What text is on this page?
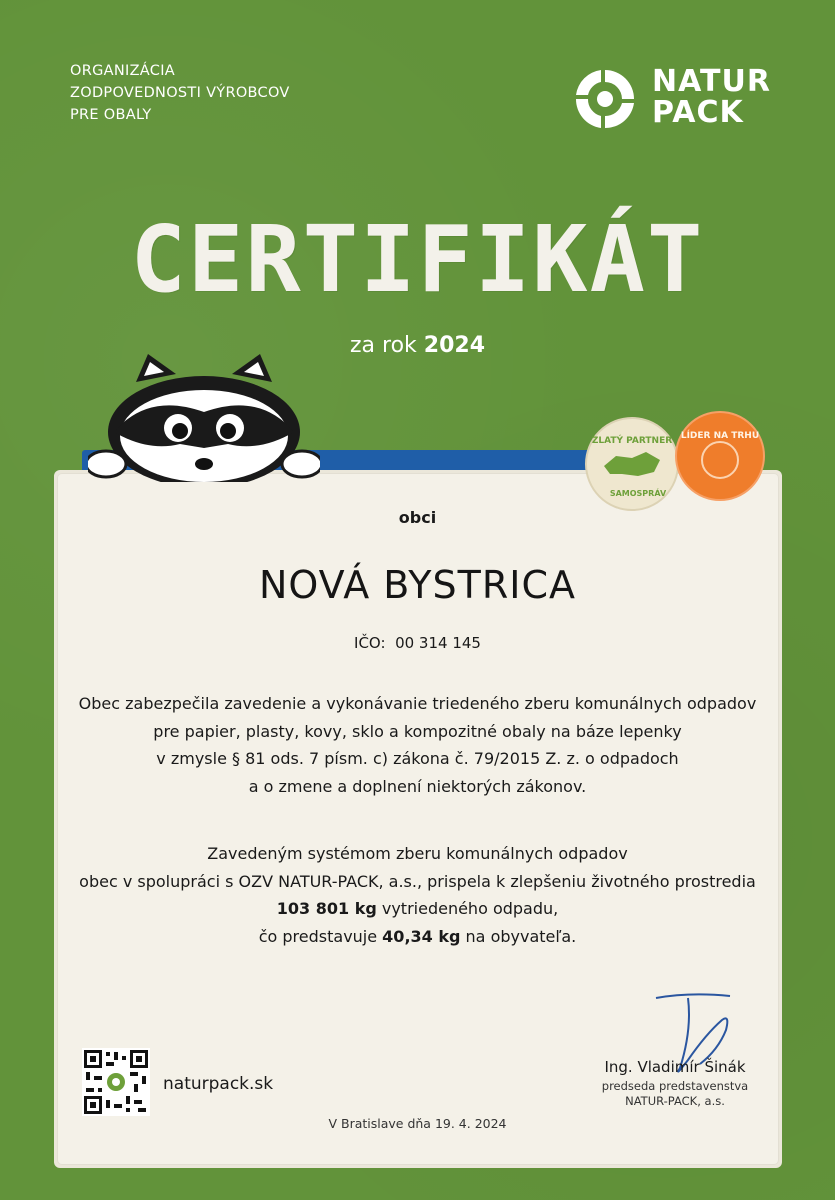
ORGANIZÁCIA
ZODPOVEDNOSTI VÝROBCOV
PRE OBALY
NATUR
PACK
CERTIFIKÁT
za rok 2024
ZLATÝ PARTNER
SAMOSPRÁV
LÍDER NA TRHU
obci
NOVÁ BYSTRICA
IČO: 00 314 145
Obec zabezpečila zavedenie a vykonávanie triedeného zberu komunálnych odpadov
pre papier, plasty, kovy, sklo a kompozitné obaly na báze lepenky
v zmysle § 81 ods. 7 písm. c) zákona č. 79/2015 Z. z. o odpadoch
a o zmene a doplnení niektorých zákonov.
Zavedeným systémom zberu komunálnych odpadov
obec v spolupráci s OZV NATUR-PACK, a.s., prispela k zlepšeniu životného prostredia
103 801 kg vytriedeného odpadu,
čo predstavuje 40,34 kg na obyvateľa.
naturpack.sk
V Bratislave dňa 19. 4. 2024
Ing. Vladimír Šinák
predseda predstavenstva
NATUR-PACK, a.s.
